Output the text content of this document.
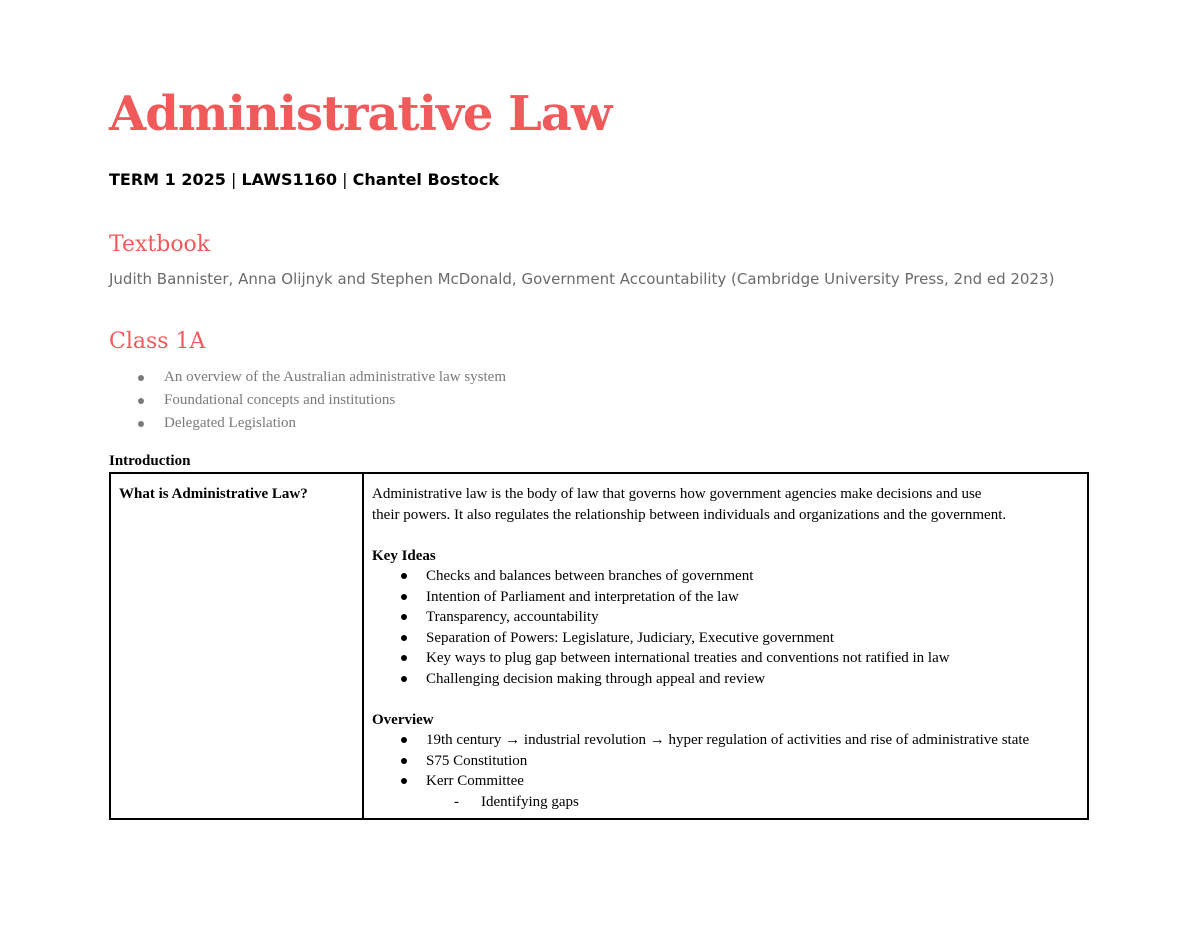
Administrative Law
TERM 1 2025 | LAWS1160 | Chantel Bostock
Textbook
Judith Bannister, Anna Olijnyk and Stephen McDonald, Government Accountability (Cambridge University Press, 2nd ed 2023)
Class 1A
An overview of the Australian administrative law system
Foundational concepts and institutions
Delegated Legislation
Introduction
What is Administrative Law?	Administrative law is the body of law that governs how government agencies make decisions and use

their powers. It also regulates the relationship between individuals and organizations and the government.

Key Ideas

Checks and balances between branches of government
Intention of Parliament and interpretation of the law
Transparency, accountability
Separation of Powers: Legislature, Judiciary, Executive government
Key ways to plug gap between international treaties and conventions not ratified in law
Challenging decision making through appeal and review

Overview

19th century → industrial revolution → hyper regulation of activities and rise of administrative state
S75 Constitution
Kerr Committee
- Identifying gaps
